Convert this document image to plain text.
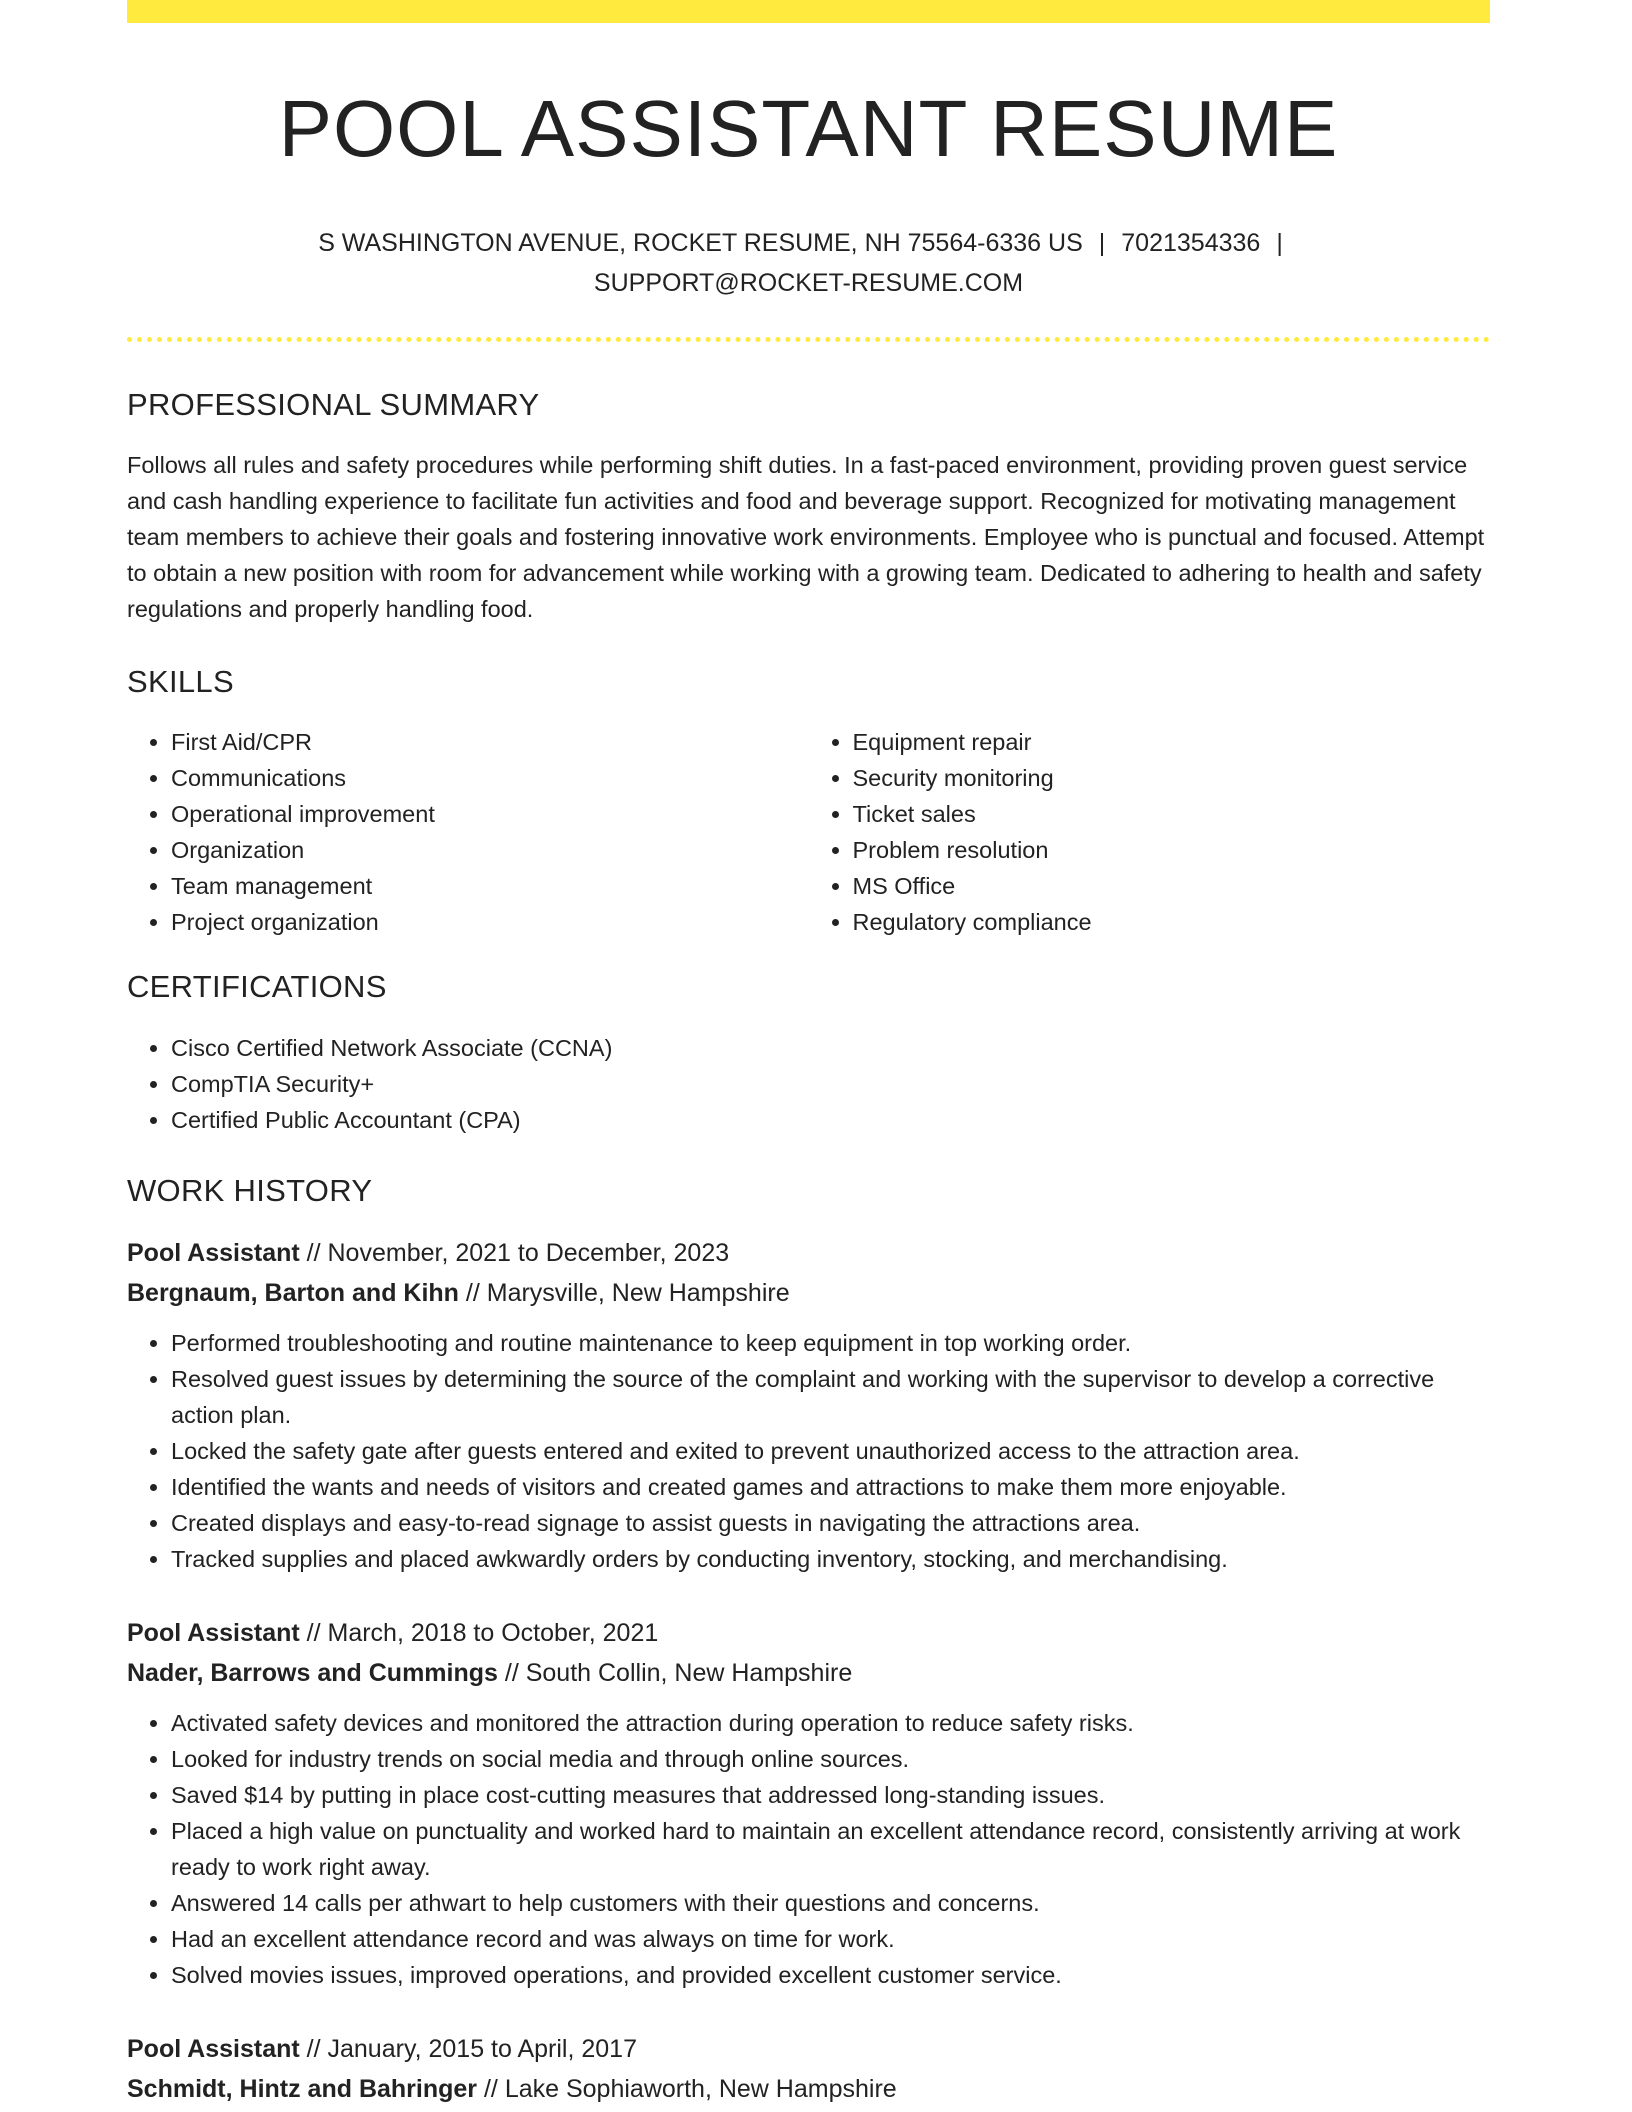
POOL ASSISTANT RESUME
S WASHINGTON AVENUE, ROCKET RESUME, NH 75564-6336 US | 7021354336 |
SUPPORT@ROCKET-RESUME.COM
PROFESSIONAL SUMMARY
Follows all rules and safety procedures while performing shift duties. In a fast-paced environment, providing proven guest service and cash handling experience to facilitate fun activities and food and beverage support. Recognized for motivating management team members to achieve their goals and fostering innovative work environments. Employee who is punctual and focused. Attempt to obtain a new position with room for advancement while working with a growing team. Dedicated to adhering to health and safety regulations and properly handling food.
SKILLS
• First Aid/CPR
• Communications
• Operational improvement
• Organization
• Team management
• Project organization
• Equipment repair
• Security monitoring
• Ticket sales
• Problem resolution
• MS Office
• Regulatory compliance
CERTIFICATIONS
• Cisco Certified Network Associate (CCNA)
• CompTIA Security+
• Certified Public Accountant (CPA)
WORK HISTORY
Pool Assistant // November, 2021 to December, 2023
Bergnaum, Barton and Kihn // Marysville, New Hampshire
• Performed troubleshooting and routine maintenance to keep equipment in top working order.
• Resolved guest issues by determining the source of the complaint and working with the supervisor to develop a corrective action plan.
• Locked the safety gate after guests entered and exited to prevent unauthorized access to the attraction area.
• Identified the wants and needs of visitors and created games and attractions to make them more enjoyable.
• Created displays and easy-to-read signage to assist guests in navigating the attractions area.
• Tracked supplies and placed awkwardly orders by conducting inventory, stocking, and merchandising.
Pool Assistant // March, 2018 to October, 2021
Nader, Barrows and Cummings // South Collin, New Hampshire
• Activated safety devices and monitored the attraction during operation to reduce safety risks.
• Looked for industry trends on social media and through online sources.
• Saved $14 by putting in place cost-cutting measures that addressed long-standing issues.
• Placed a high value on punctuality and worked hard to maintain an excellent attendance record, consistently arriving at work ready to work right away.
• Answered 14 calls per athwart to help customers with their questions and concerns.
• Had an excellent attendance record and was always on time for work.
• Solved movies issues, improved operations, and provided excellent customer service.
Pool Assistant // January, 2015 to April, 2017
Schmidt, Hintz and Bahringer // Lake Sophiaworth, New Hampshire
